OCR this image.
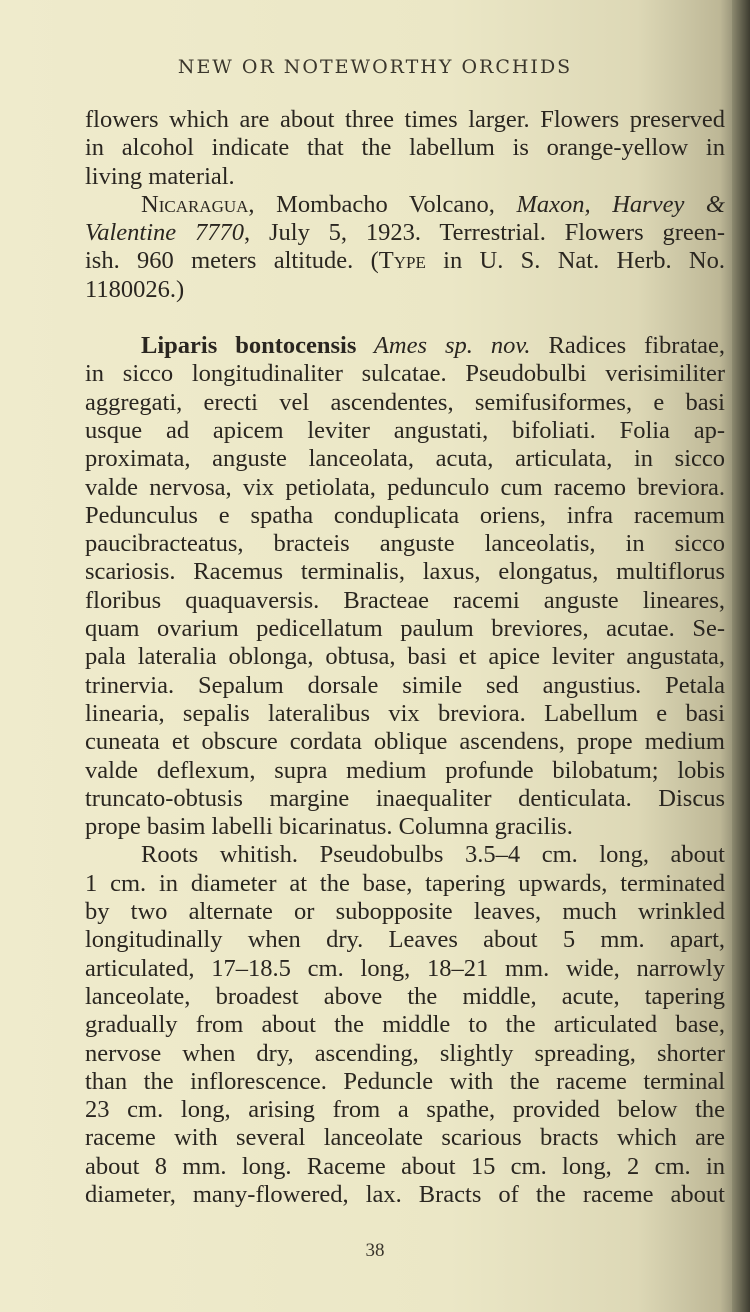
NEW OR NOTEWORTHY ORCHIDS
flowers which are about three times larger. Flowers preserved
in alcohol indicate that the labellum is orange-yellow in
living material.
Nicaragua, Mombacho Volcano, Maxon, Harvey &
Valentine 7770, July 5, 1923. Terrestrial. Flowers green-
ish. 960 meters altitude. (Type in U. S. Nat. Herb. No.
1180026.)
Liparis bontocensis Ames sp. nov. Radices fibratae,
in sicco longitudinaliter sulcatae. Pseudobulbi verisimiliter
aggregati, erecti vel ascendentes, semifusiformes, e basi
usque ad apicem leviter angustati, bifoliati. Folia ap-
proximata, anguste lanceolata, acuta, articulata, in sicco
valde nervosa, vix petiolata, pedunculo cum racemo breviora.
Pedunculus e spatha conduplicata oriens, infra racemum
paucibracteatus, bracteis anguste lanceolatis, in sicco
scariosis. Racemus terminalis, laxus, elongatus, multiflorus
floribus quaquaversis. Bracteae racemi anguste lineares,
quam ovarium pedicellatum paulum breviores, acutae. Se-
pala lateralia oblonga, obtusa, basi et apice leviter angustata,
trinervia. Sepalum dorsale simile sed angustius. Petala
linearia, sepalis lateralibus vix breviora. Labellum e basi
cuneata et obscure cordata oblique ascendens, prope medium
valde deflexum, supra medium profunde bilobatum; lobis
truncato-obtusis margine inaequaliter denticulata. Discus
prope basim labelli bicarinatus. Columna gracilis.
Roots whitish. Pseudobulbs 3.5–4 cm. long, about
1 cm. in diameter at the base, tapering upwards, terminated
by two alternate or subopposite leaves, much wrinkled
longitudinally when dry. Leaves about 5 mm. apart,
articulated, 17–18.5 cm. long, 18–21 mm. wide, narrowly
lanceolate, broadest above the middle, acute, tapering
gradually from about the middle to the articulated base,
nervose when dry, ascending, slightly spreading, shorter
than the inflorescence. Peduncle with the raceme terminal
23 cm. long, arising from a spathe, provided below the
raceme with several lanceolate scarious bracts which are
about 8 mm. long. Raceme about 15 cm. long, 2 cm. in
diameter, many-flowered, lax. Bracts of the raceme about
38
